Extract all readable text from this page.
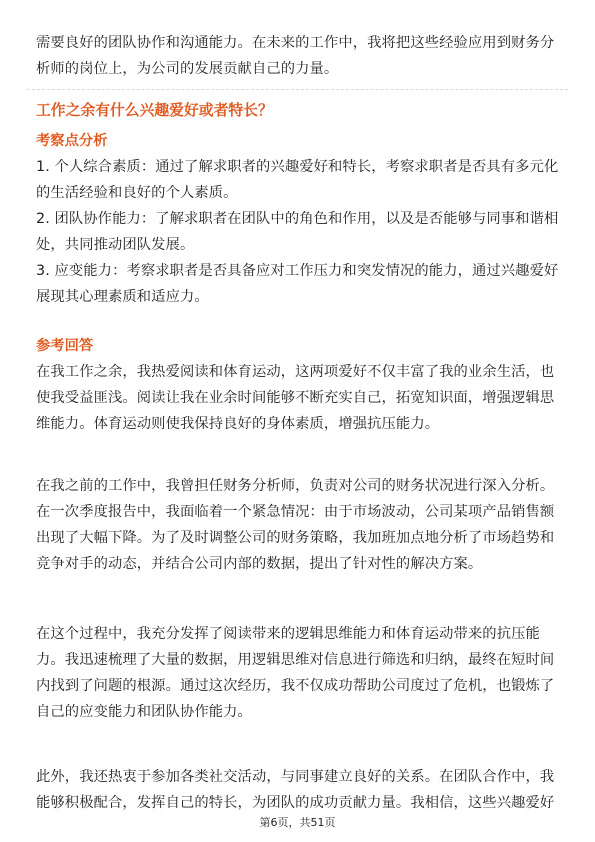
需要良好的团队协作和沟通能力。在未来的工作中，我将把这些经验应用到财务分
析师的岗位上，为公司的发展贡献自己的力量。

工作之余有什么兴趣爱好或者特长？
考察点分析

1. 个人综合素质：通过了解求职者的兴趣爱好和特长，考察求职者是否具有多元化
的生活经验和良好的个人素质。

2. 团队协作能力：了解求职者在团队中的角色和作用，以及是否能够与同事和谐相
处，共同推动团队发展。

3. 应变能力：考察求职者是否具备应对工作压力和突发情况的能力，通过兴趣爱好
展现其心理素质和适应力。

参考回答

在我工作之余，我热爱阅读和体育运动，这两项爱好不仅丰富了我的业余生活，也
使我受益匪浅。阅读让我在业余时间能够不断充实自己，拓宽知识面，增强逻辑思
维能力。体育运动则使我保持良好的身体素质，增强抗压能力。

在我之前的工作中，我曾担任财务分析师，负责对公司的财务状况进行深入分析。
在一次季度报告中，我面临着一个紧急情况：由于市场波动，公司某项产品销售额
出现了大幅下降。为了及时调整公司的财务策略，我加班加点地分析了市场趋势和
竞争对手的动态，并结合公司内部的数据，提出了针对性的解决方案。

在这个过程中，我充分发挥了阅读带来的逻辑思维能力和体育运动带来的抗压能
力。我迅速梳理了大量的数据，用逻辑思维对信息进行筛选和归纳，最终在短时间
内找到了问题的根源。通过这次经历，我不仅成功帮助公司度过了危机，也锻炼了
自己的应变能力和团队协作能力。

此外，我还热衷于参加各类社交活动，与同事建立良好的关系。在团队合作中，我
能够积极配合，发挥自己的特长，为团队的成功贡献力量。我相信，这些兴趣爱好

第6页，共51页
